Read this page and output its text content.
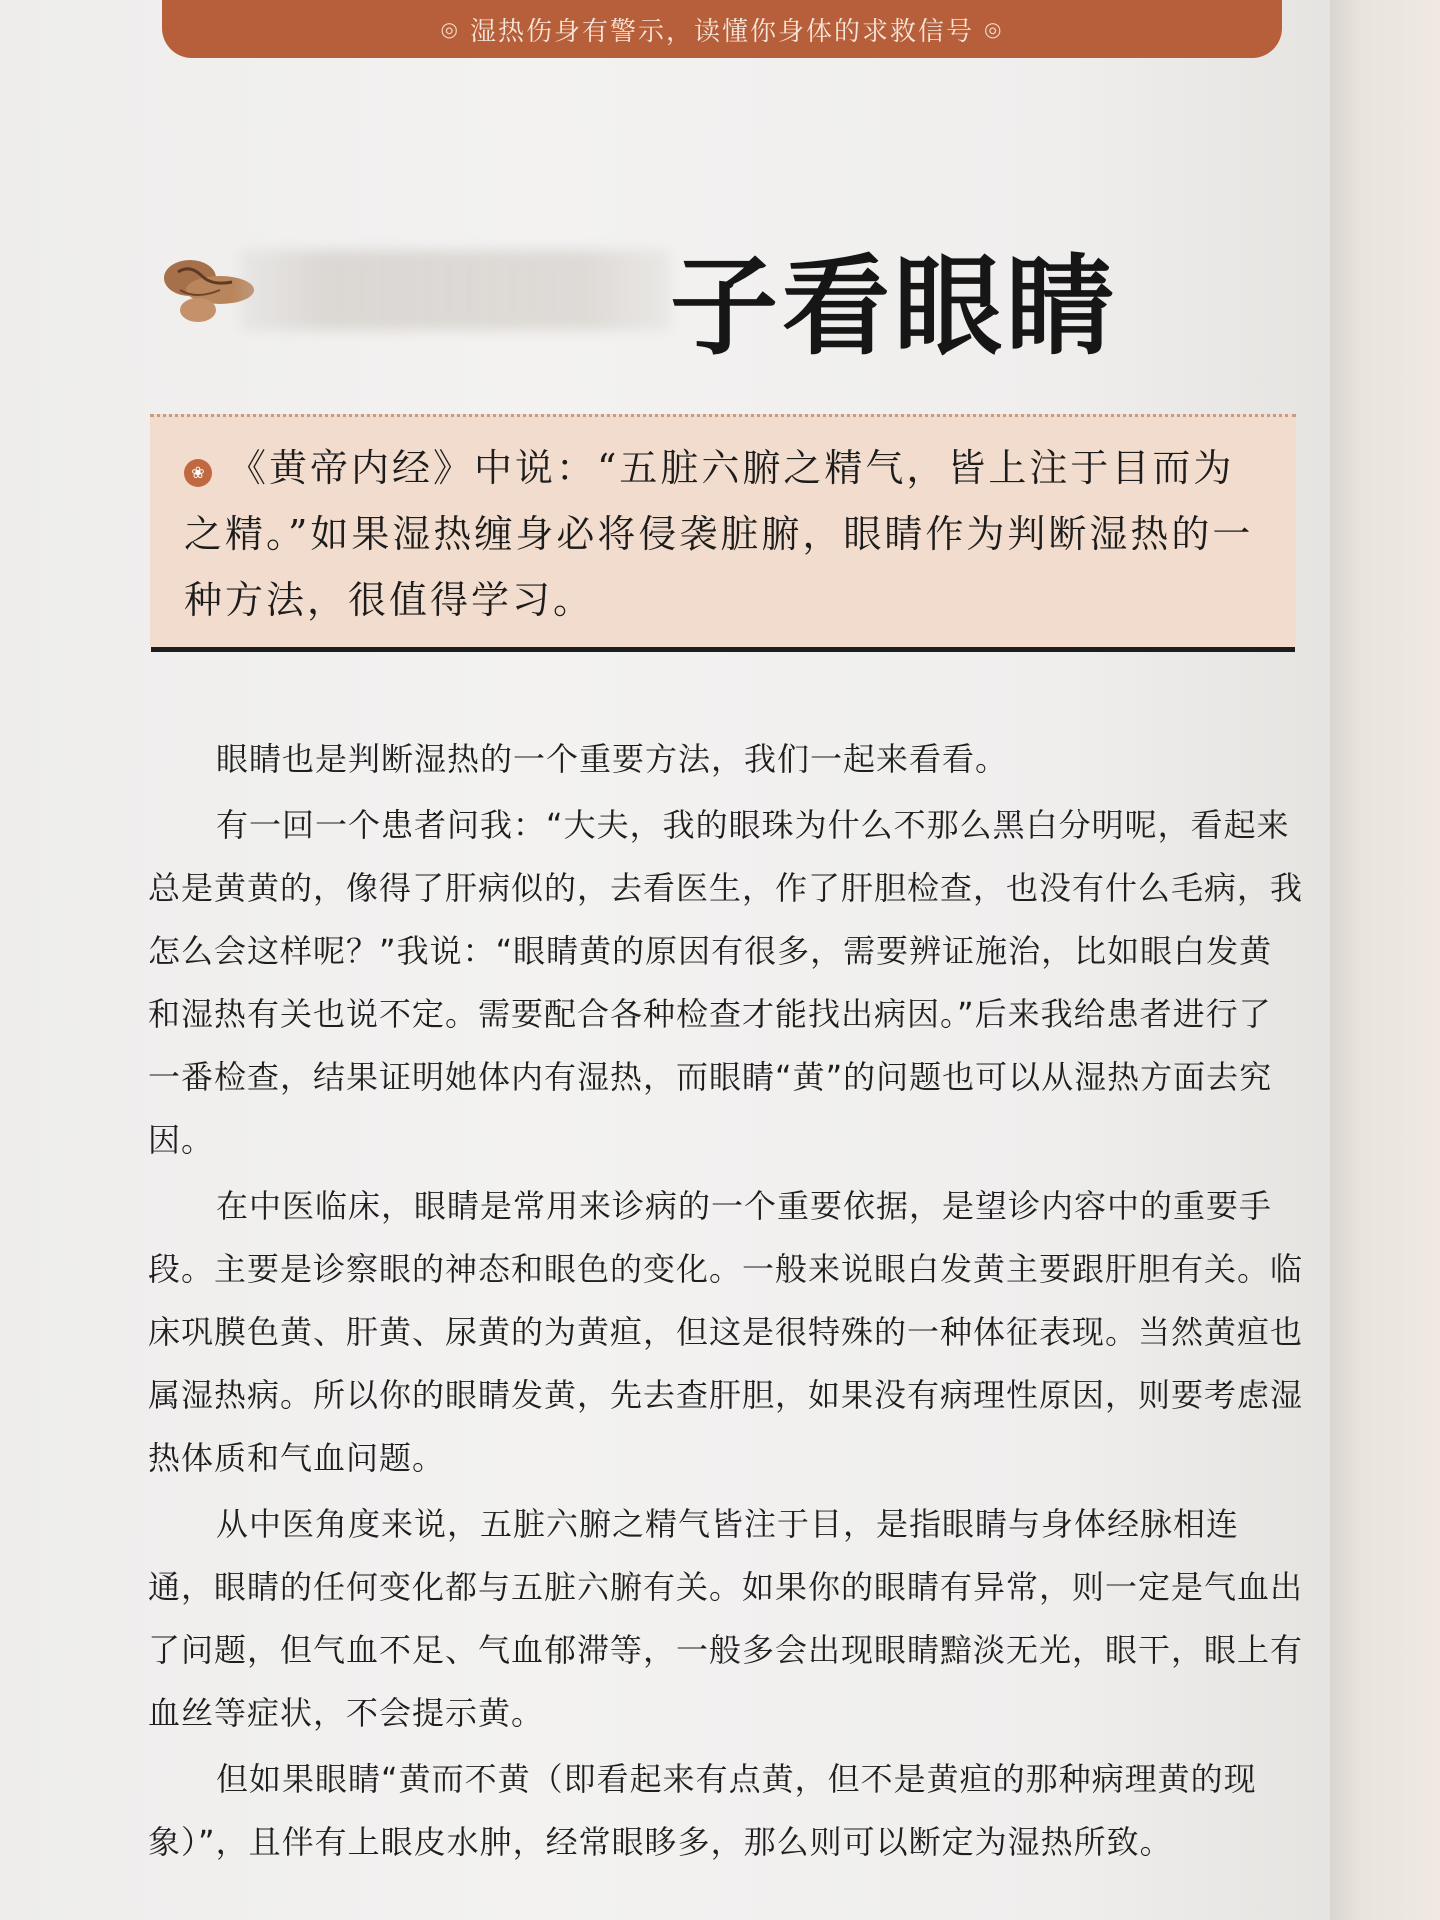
◎ 湿热伤身有警示，读懂你身体的求救信号 ◎
子看眼睛
❀ 《黄帝内经》中说：“五脏六腑之精气，皆上注于目而为之精。”如果湿热缠身必将侵袭脏腑，眼睛作为判断湿热的一种方法，很值得学习。

眼睛也是判断湿热的一个重要方法，我们一起来看看。

有一回一个患者问我：“大夫，我的眼珠为什么不那么黑白分明呢，看起来总是黄黄的，像得了肝病似的，去看医生，作了肝胆检查，也没有什么毛病，我怎么会这样呢？”我说：“眼睛黄的原因有很多，需要辨证施治，比如眼白发黄和湿热有关也说不定。需要配合各种检查才能找出病因。”后来我给患者进行了一番检查，结果证明她体内有湿热，而眼睛“黄”的问题也可以从湿热方面去究因。

在中医临床，眼睛是常用来诊病的一个重要依据，是望诊内容中的重要手段。主要是诊察眼的神态和眼色的变化。一般来说眼白发黄主要跟肝胆有关。临床巩膜色黄、肝黄、尿黄的为黄疸，但这是很特殊的一种体征表现。当然黄疸也属湿热病。所以你的眼睛发黄，先去查肝胆，如果没有病理性原因，则要考虑湿热体质和气血问题。

从中医角度来说，五脏六腑之精气皆注于目，是指眼睛与身体经脉相连通，眼睛的任何变化都与五脏六腑有关。如果你的眼睛有异常，则一定是气血出了问题，但气血不足、气血郁滞等，一般多会出现眼睛黯淡无光，眼干，眼上有血丝等症状，不会提示黄。

但如果眼睛“黄而不黄（即看起来有点黄，但不是黄疸的那种病理黄的现象）”，且伴有上眼皮水肿，经常眼眵多，那么则可以断定为湿热所致。
